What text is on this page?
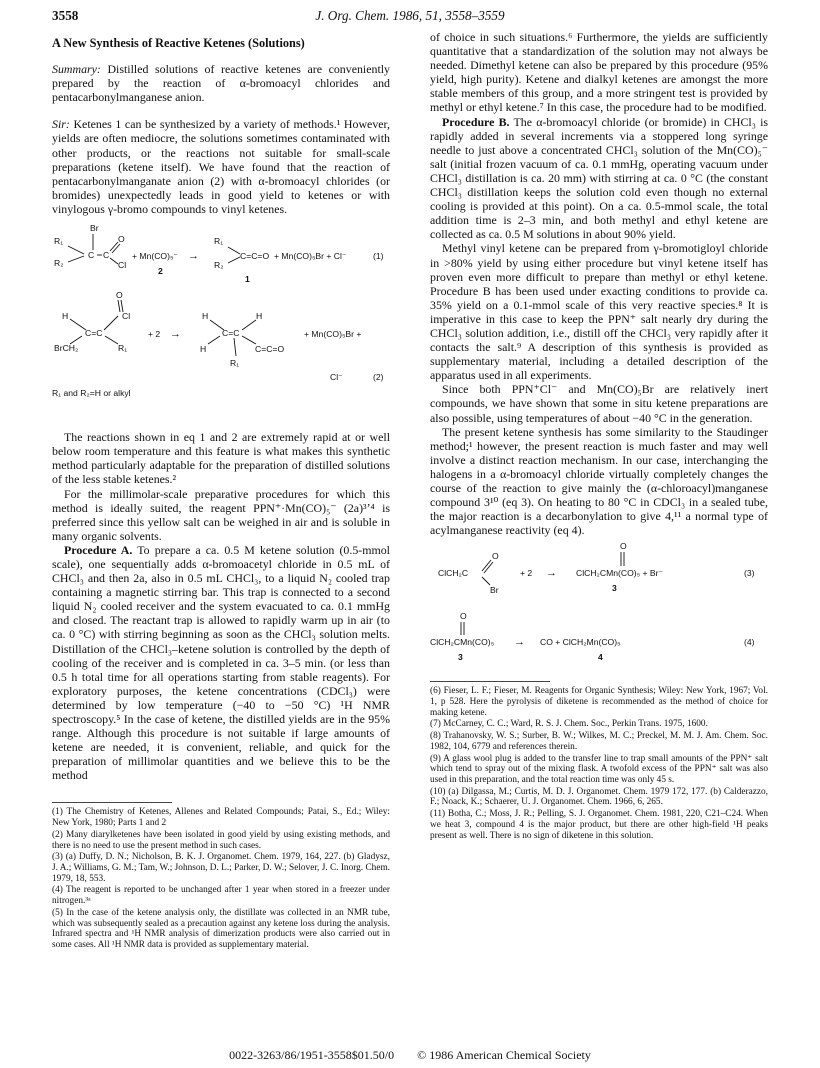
J. Org. Chem. 1986, 51, 3558–3559
3558

A New Synthesis of Reactive Ketenes (Solutions)

Summary: Distilled solutions of reactive ketenes are conveniently prepared by the reaction of α-bromoacyl chlorides and pentacarbonylmanganese anion.

Sir: Ketenes 1 can be synthesized by a variety of methods.¹ However, yields are often mediocre, the solutions sometimes contaminated with other products, or the reactions not suitable for small-scale preparations (ketene itself). We have found that the reaction of pentacarbonylmanganate anion (2) with α-bromoacyl chlorides (or bromides) unexpectedly leads in good yield to ketenes or with vinylogous γ-bromo compounds to vinyl ketenes.

Br
R₁
R₂
O
Cl
C C	+ Mn(CO)₅⁻
2
→
R₁
R₂
C=C=O + Mn(CO)₅Br + Cl⁻	(1)
1
O
Cl
H
C=C
BrCH₂	R₁
+ 2 →
H
C=C
H
H	C=C=O
R₁
+ Mn(CO)₅Br +
Cl⁻	(2)

R₁ and R₂=H or alkyl

The reactions shown in eq 1 and 2 are extremely rapid at or well below room temperature and this feature is what makes this synthetic method particularly adaptable for the preparation of distilled solutions of the less stable ketenes.²

For the millimolar-scale preparative procedures for which this method is ideally suited, the reagent PPN⁺·Mn(CO)₅⁻ (2a)³ʼ⁴ is preferred since this yellow salt can be weighed in air and is soluble in many organic solvents.

Procedure A. To prepare a ca. 0.5 M ketene solution (0.5-mmol scale), one sequentially adds α-bromoacetyl chloride in 0.5 mL of CHCl₃ and then 2a, also in 0.5 mL CHCl₃, to a liquid N₂ cooled trap containing a magnetic stirring bar. This trap is connected to a second liquid N₂ cooled receiver and the system evacuated to ca. 0.1 mmHg and closed. The reactant trap is allowed to rapidly warm up in air (to ca. 0 °C) with stirring beginning as soon as the CHCl₃ solution melts. Distillation of the CHCl₃–ketene solution is controlled by the depth of cooling of the receiver and is completed in ca. 3–5 min. (or less than 0.5 h total time for all operations starting from stable reagents). For exploratory purposes, the ketene concentrations (CDCl₃) were determined by low temperature (−40 to −50 °C) ¹H NMR spectroscopy.⁵ In the case of ketene, the distilled yields are in the 95% range. Although this procedure is not suitable if large amounts of ketene are needed, it is convenient, reliable, and quick for the preparation of millimolar quantities and we believe this to be the method

(1) The Chemistry of Ketenes, Allenes and Related Compounds; Patai, S., Ed.; Wiley: New York, 1980; Parts 1 and 2

(2) Many diarylketenes have been isolated in good yield by using existing methods, and there is no need to use the present method in such cases.

(3) (a) Duffy, D. N.; Nicholson, B. K. J. Organomet. Chem. 1979, 164, 227. (b) Gladysz, J. A.; Williams, G. M.; Tam, W.; Johnson, D. L.; Parker, D. W.; Selover, J. C. Inorg. Chem. 1979, 18, 553.

(4) The reagent is reported to be unchanged after 1 year when stored in a freezer under nitrogen.³ᵃ

(5) In the case of the ketene analysis only, the distillate was collected in an NMR tube, which was subsequently sealed as a precaution against any ketene loss during the analysis. Infrared spectra and ¹H NMR analysis of dimerization products were also carried out in some cases. All ¹H NMR data is provided as supplementary material.

of choice in such situations.⁶ Furthermore, the yields are sufficiently quantitative that a standardization of the solution may not always be needed. Dimethyl ketene can also be prepared by this procedure (95% yield, high purity). Ketene and dialkyl ketenes are amongst the more stable members of this group, and a more stringent test is provided by methyl or ethyl ketene.⁷ In this case, the procedure had to be modified.

Procedure B. The α-bromoacyl chloride (or bromide) in CHCl₃ is rapidly added in several increments via a stoppered long syringe needle to just above a concentrated CHCl₃ solution of the Mn(CO)₅⁻ salt (initial frozen vacuum of ca. 0.1 mmHg, operating vacuum under CHCl₃ distillation is ca. 20 mm) with stirring at ca. 0 °C (the constant CHCl₃ distillation keeps the solution cold even though no external cooling is provided at this point). On a ca. 0.5-mmol scale, the total addition time is 2–3 min, and both methyl and ethyl ketene are collected as ca. 0.5 M solutions in about 90% yield.

Methyl vinyl ketene can be prepared from γ-bromotigloyl chloride in >80% yield by using either procedure but vinyl ketene itself has proven even more difficult to prepare than methyl or ethyl ketene. Procedure B has been used under exacting conditions to provide ca. 35% yield on a 0.1-mmol scale of this very reactive species.⁸ It is imperative in this case to keep the PPN⁺ salt nearly dry during the CHCl₃ solution addition, i.e., distill off the CHCl₃ very rapidly after it contacts the salt.⁹ A description of this synthesis is provided as supplementary material, including a detailed description of the apparatus used in all experiments.

Since both PPN⁺Cl⁻ and Mn(CO)₅Br are relatively inert compounds, we have shown that some in situ ketene preparations are also possible, using temperatures of about −40 °C in the generation.

The present ketene synthesis has some similarity to the Staudinger method;¹ however, the present reaction is much faster and may well involve a distinct reaction mechanism. In our case, interchanging the halogens in a α-bromoacyl chloride virtually completely changes the course of the reaction to give mainly the (α-chloroacyl)manganese compound 3¹⁰ (eq 3). On heating to 80 °C in CDCl₃ in a sealed tube, the major reaction is a decarbonylation to give 4,¹¹ a normal type of acylmanganese reactivity (eq 4).

O
ClCH₂C
Br
+ 2 →
O
ClCH₂CMn(CO)₅ + Br⁻
3
(3)
O
ClCH₂CMn(CO)₅ → CO + ClCH₂Mn(CO)₅
3	4
(4)

(6) Fieser, L. F.; Fieser, M. Reagents for Organic Synthesis; Wiley: New York, 1967; Vol. 1, p 528. Here the pyrolysis of diketene is recommended as the method of choice for making ketene.

(7) McCarney, C. C.; Ward, R. S. J. Chem. Soc., Perkin Trans. 1975, 1600.

(8) Trahanovsky, W. S.; Surber, B. W.; Wilkes, M. C.; Preckel, M. M. J. Am. Chem. Soc. 1982, 104, 6779 and references therein.

(9) A glass wool plug is added to the transfer line to trap small amounts of the PPN⁺ salt which tend to spray out of the mixing flask. A twofold excess of the PPN⁺ salt was also used in this preparation, and the total reaction time was only 45 s.

(10) (a) Dilgassa, M.; Curtis, M. D. J. Organomet. Chem. 1979 172, 177. (b) Calderazzo, F.; Noack, K.; Schaerer, U. J. Organomet. Chem. 1966, 6, 265.

(11) Botha, C.; Moss, J. R.; Pelling, S. J. Organomet. Chem. 1981, 220, C21–C24. When we heat 3, compound 4 is the major product, but there are other high-field ¹H peaks present as well. There is no sign of diketene in this solution.

0022-3263/86/1951-3558$01.50/0 © 1986 American Chemical Society
